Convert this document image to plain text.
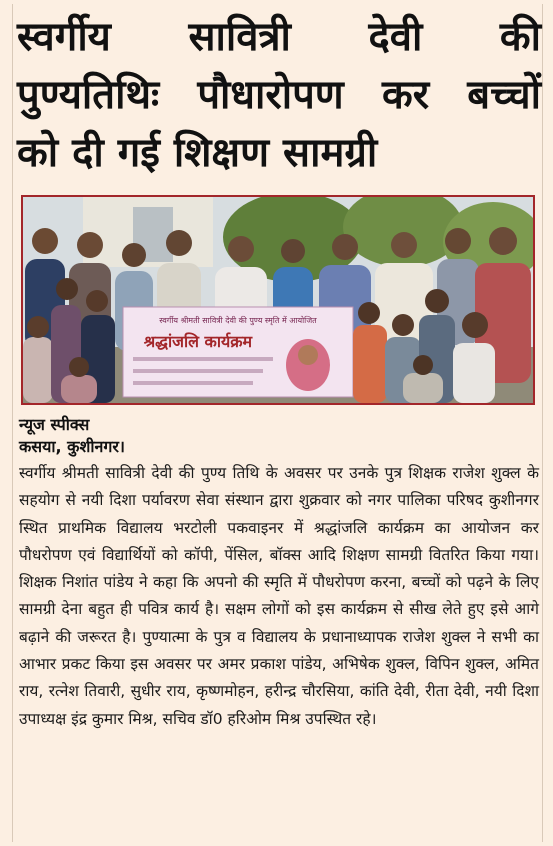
स्वर्गीय सावित्री देवी की
पुण्यतिथिः पौधारोपण कर बच्चों
को दी गई शिक्षण सामग्री
स्वर्गीय श्रीमती सावित्री देवी की पुण्य स्मृति में आयोजित
श्रद्धांजलि कार्यक्रम
न्यूज स्पीक्स
कसया, कुशीनगर।

स्वर्गीय श्रीमती सावित्री देवी की पुण्य तिथि के अवसर पर उनके पुत्र शिक्षक राजेश शुक्ल के सहयोग से नयी दिशा पर्यावरण सेवा संस्थान द्वारा शुक्रवार को नगर पालिका परिषद कुशीनगर स्थित प्राथमिक विद्यालय भरटोली पकवाइनर में श्रद्धांजलि कार्यक्रम का आयोजन कर पौधरोपण एवं विद्यार्थियों को कॉपी, पेंसिल, बॉक्स आदि शिक्षण सामग्री वितरित किया गया। शिक्षक निशांत पांडेय ने कहा कि अपनो की स्मृति में पौधरोपण करना, बच्चों को पढ़ने के लिए सामग्री देना बहुत ही पवित्र कार्य है। सक्षम लोगों को इस कार्यक्रम से सीख लेते हुए इसे आगे बढ़ाने की जरूरत है। पुण्यात्मा के पुत्र व विद्यालय के प्रधानाध्यापक राजेश शुक्ल ने सभी का आभार प्रकट किया इस अवसर पर अमर प्रकाश पांडेय, अभिषेक शुक्ल, विपिन शुक्ल, अमित राय, रत्नेश तिवारी, सुधीर राय, कृष्णमोहन, हरीन्द्र चौरसिया, कांति देवी, रीता देवी, नयी दिशा उपाध्यक्ष इंद्र कुमार मिश्र, सचिव डॉ0 हरिओम मिश्र उपस्थित रहे।
